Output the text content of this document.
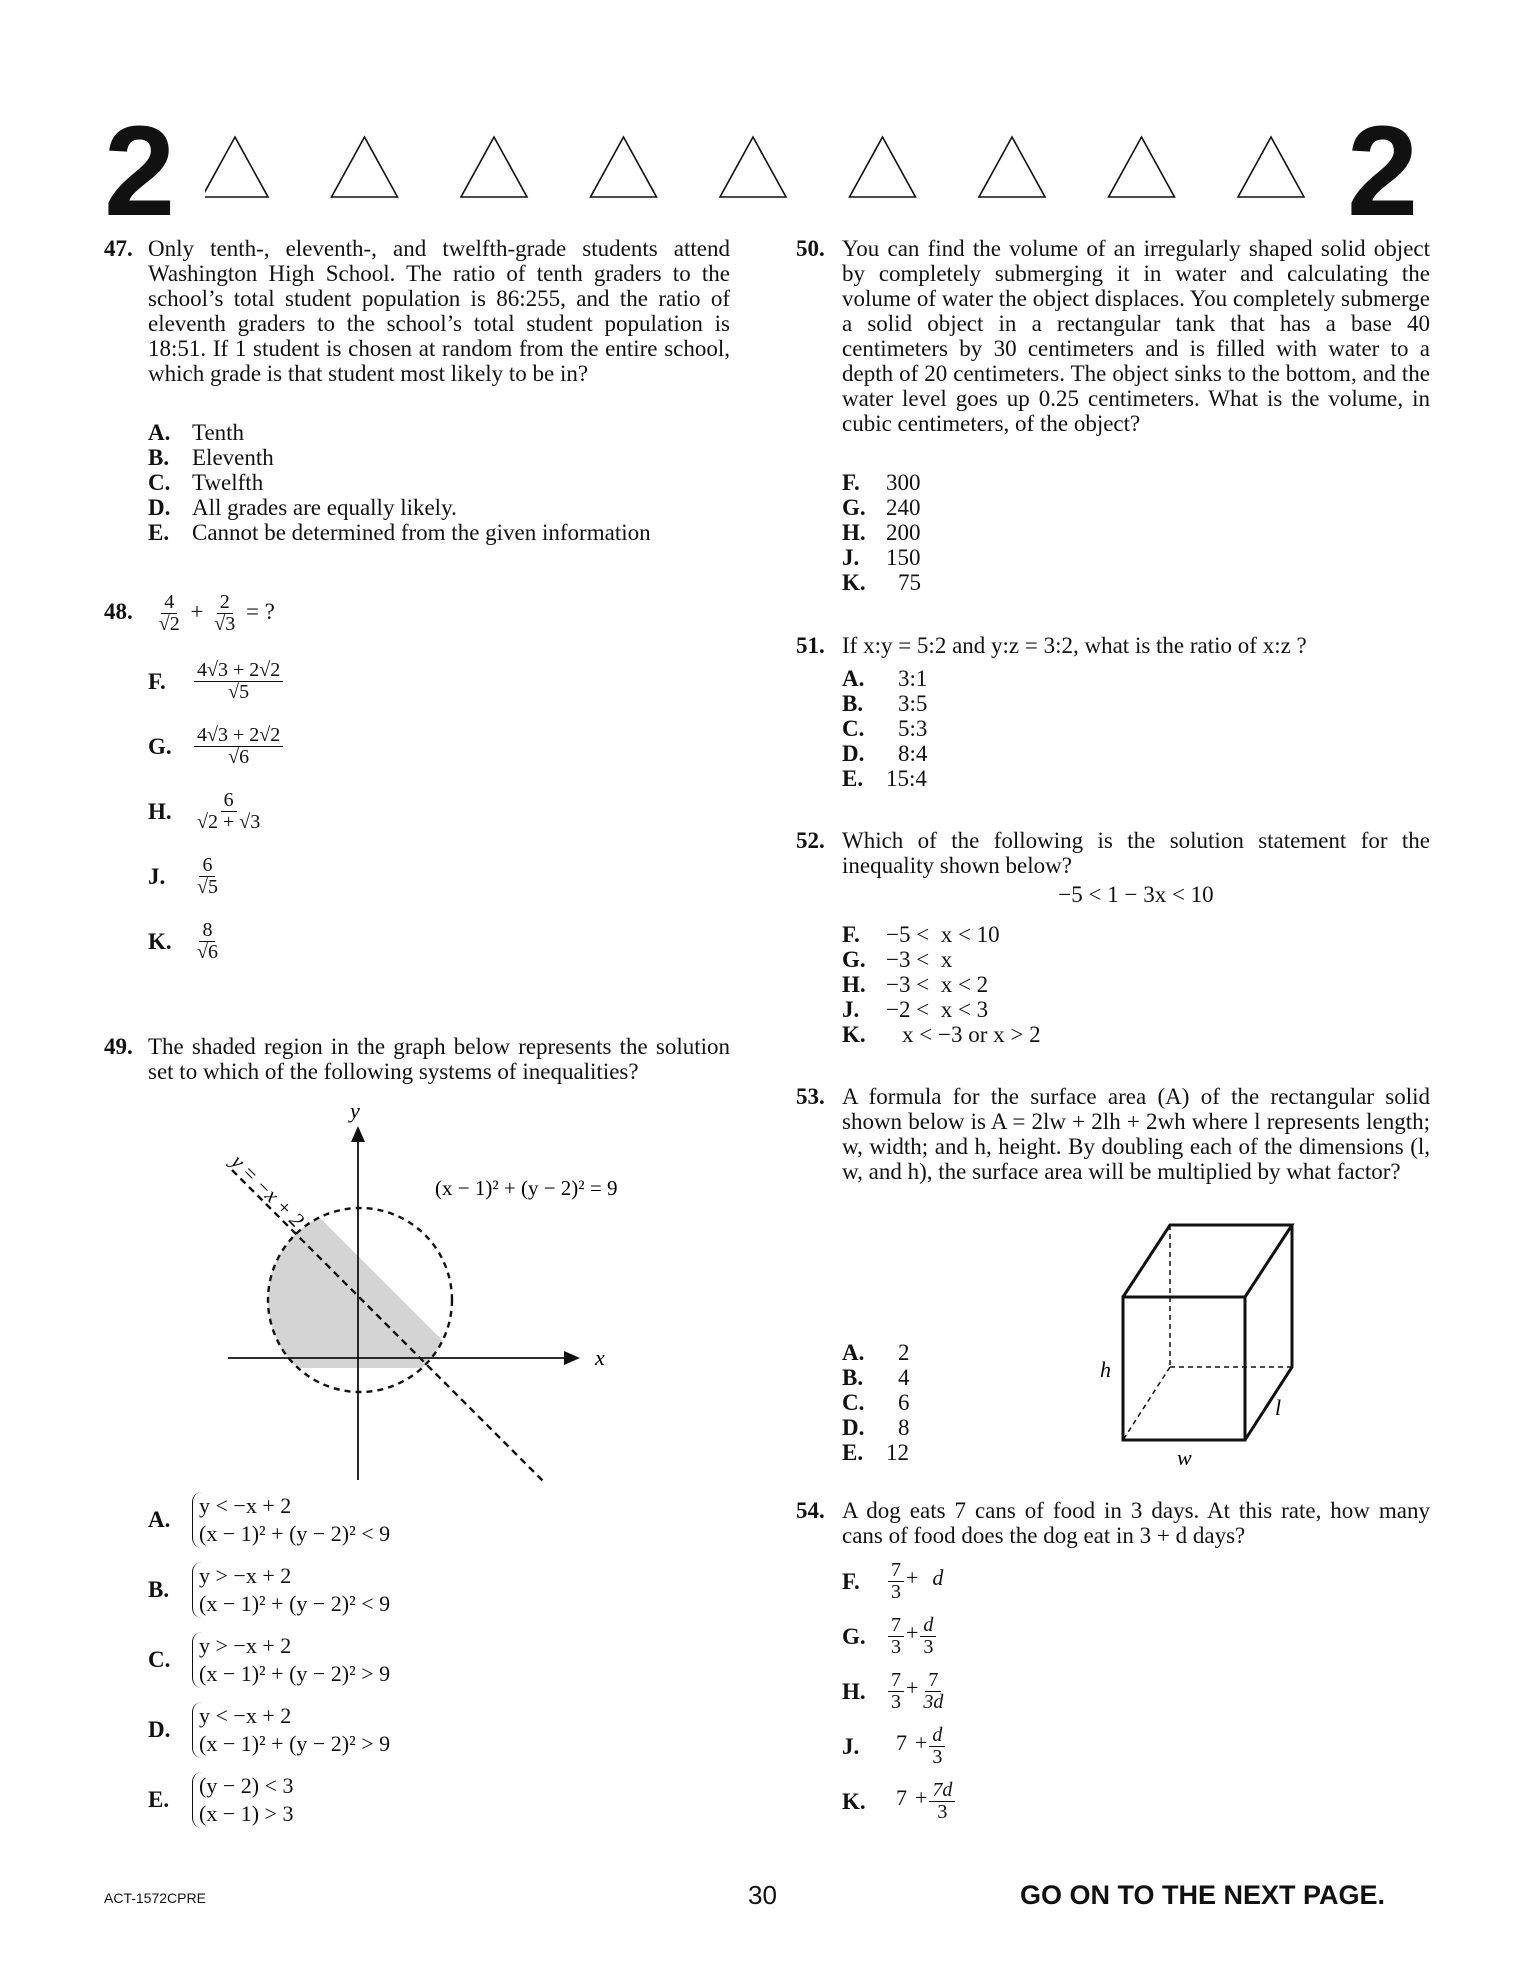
2	2
47. Only tenth-, eleventh-, and twelfth-grade students attend Washington High School. The ratio of tenth graders to the school’s total student population is 86:255, and the ratio of eleventh graders to the school’s total student population is 18:51. If 1 student is chosen at random from the entire school, which grade is that student most likely to be in?
A. Tenth
B. Eleventh
C. Twelfth
D. All grades are equally likely.
E. Cannot be determined from the given information
48. $\frac{4}{√2} + \frac{2}{√3}$ = ?
F. $\frac{4√3 + 2√2}{√5}$
G. $\frac{4√3 + 2√2}{√6}$
H. $\frac{6}{√2 + √3}$
J. $\frac{6}{√5}$
K. $\frac{8}{√6}$
49. The shaded region in the graph below represents the solution set to which of the following systems of inequalities?
x
y
y = −x + 2	(x − 1)² + (y − 2)² = 9
A.
y < −x + 2
(x − 1)² + (y − 2)² < 9
B.
y > −x + 2
(x − 1)² + (y − 2)² < 9
C.
y > −x + 2
(x − 1)² + (y − 2)² > 9
D.
y < −x + 2
(x − 1)² + (y − 2)² > 9
E.
(y − 2) < 3
(x − 1) > 3
50. You can find the volume of an irregularly shaped solid object by completely submerging it in water and calculating the volume of water the object displaces. You completely submerge a solid object in a rectangular tank that has a base 40 centimeters by 30 centimeters and is filled with water to a depth of 20 centimeters. The object sinks to the bottom, and the water level goes up 0.25 centimeters. What is the volume, in cubic centimeters, of the object?
F. 300
G. 240
H. 200
J. 150
K. 75
51. If x:y = 5:2 and y:z = 3:2, what is the ratio of x:z ?
A. 3:1
B. 3:5
C. 5:3
D. 8:4
E. 15:4
52. Which of the following is the solution statement for the inequality shown below?
−5 < 1 − 3x < 10
F. −5 <  x < 10
G. −3 <  x
H. −3 <  x < 2
J. −2 <  x < 3
K. x < −3 or x > 2
53. A formula for the surface area (A) of the rectangular solid shown below is A = 2lw + 2lh + 2wh where l represents length; w, width; and h, height. By doubling each of the dimensions (l, w, and h), the surface area will be multiplied by what factor?
A. 2
B. 4
C. 6
D. 8
E. 12
h
w
l
54. A dog eats 7 cans of food in 3 days. At this rate, how many cans of food does the dog eat in 3 + d days?
F. $\frac{7}{3} + d$
G. $\frac{7}{3} + \frac{d}{3}$
H. $\frac{7}{3} + \frac{7}{3d}$
J. $7 + \frac{d}{3}$
K. $7 + \frac{7d}{3}$
ACT-1572CPRE	30	GO ON TO THE NEXT PAGE.
